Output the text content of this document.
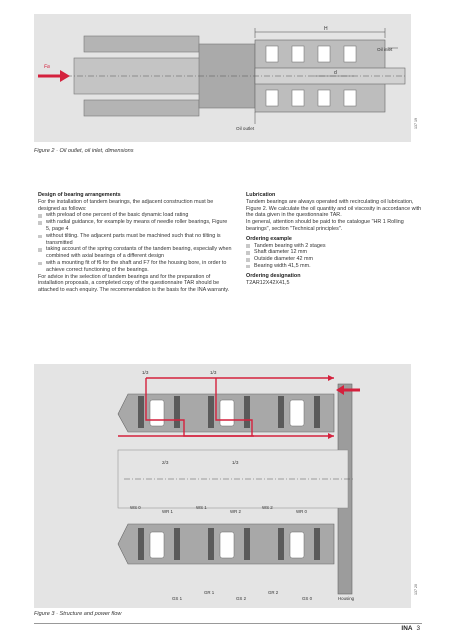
H
d
Fa
Oil inlet
Oil outlet	137 19
Figure 2 · Oil outlet, oil inlet, dimensions

Design of bearing arrangements

For the installation of tandem bearings, the adjacent construction must be designed as follows:

with preload of one percent of the basic dynamic load rating

with radial guidance, for example by means of needle roller bearings, Figure 5, page 4

without tilting. The adjacent parts must be machined such that no tilting is transmitted

taking account of the spring constants of the tandem bearing, especially when combined with axial bearings of a different design

with a mounting fit of f6 for the shaft and F7 for the housing bore, in order to achieve correct functioning of the bearings.

For advice in the selection of tandem bearings and for the preparation of installation proposals, a completed copy of the questionnaire TAR should be attached to each enquiry. The recommendation is the basis for the INA warranty.

Lubrication

Tandem bearings are always operated with recirculating oil lubrication, Figure 2. We calculate the oil quantity and oil viscosity in accordance with the data given in the questionnaire TAR.

In general, attention should be paid to the catalogue "HR 1 Rolling bearings", section "Technical principles".

Ordering example

Tandem bearing with 2 stages

Shaft diameter 12 mm

Outside diameter 42 mm

Bearing width 41,5 mm.

Ordering designation

T2AR12X42X41,5

1/3	1/3
2/3	1/3
WS 0
WR 1
WS 1
WR 2
WS 2
WR 0
GS 1
GR 1
GS 2
GR 2
GS 0	Housing
137 20
Figure 3 · Structure and power flow
INA 3
